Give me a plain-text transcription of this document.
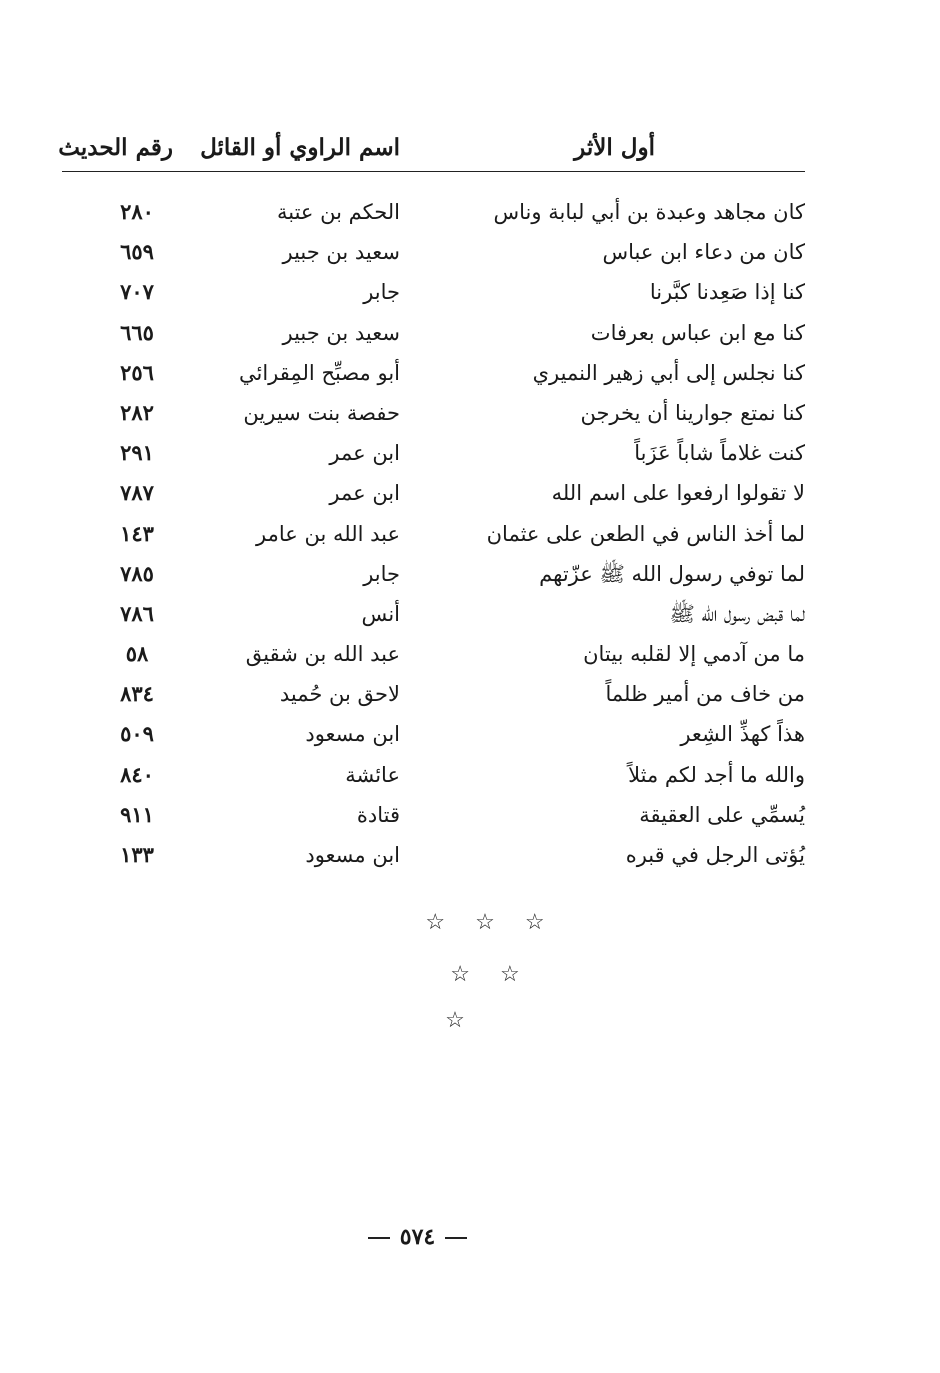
أول الأثر
اسم الراوي أو القائل
رقم الحديث
كان مجاهد وعبدة بن أبي لبابة وناس
الحكم بن عتبة
٢٨٠
كان من دعاء ابن عباس
سعيد بن جبير
٦٥٩
كنا إذا صَعِدنا كبَّرنا
جابر
٧٠٧
كنا مع ابن عباس بعرفات
سعيد بن جبير
٦٦٥
كنا نجلس إلى أبي زهير النميري
أبو مصبِّح المِقرائي
٢٥٦
كنا نمتع جوارينا أن يخرجن
حفصة بنت سيرين
٢٨٢
كنت غلاماً شاباً عَزَباً
ابن عمر
٢٩١
لا تقولوا ارفعوا على اسم الله
ابن عمر
٧٨٧
لما أخذ الناس في الطعن على عثمان
عبد الله بن عامر
١٤٣
لما توفي رسول الله ﷺ عزّتهم
جابر
٧٨٥
لما قبض رسول الله ﷺ
أنس
٧٨٦
ما من آدمي إلا لقلبه بيتان
عبد الله بن شقيق
٥٨
من خاف من أمير ظلماً
لاحق بن حُميد
٨٣٤
هذاً كهذِّ الشِعر
ابن مسعود
٥٠٩
والله ما أجد لكم مثلاً
عائشة
٨٤٠
يُسمِّي على العقيقة
قتادة
٩١١
يُؤتى الرجل في قبره
ابن مسعود
١٣٣
☆☆☆
☆☆
☆
٥٧٤
